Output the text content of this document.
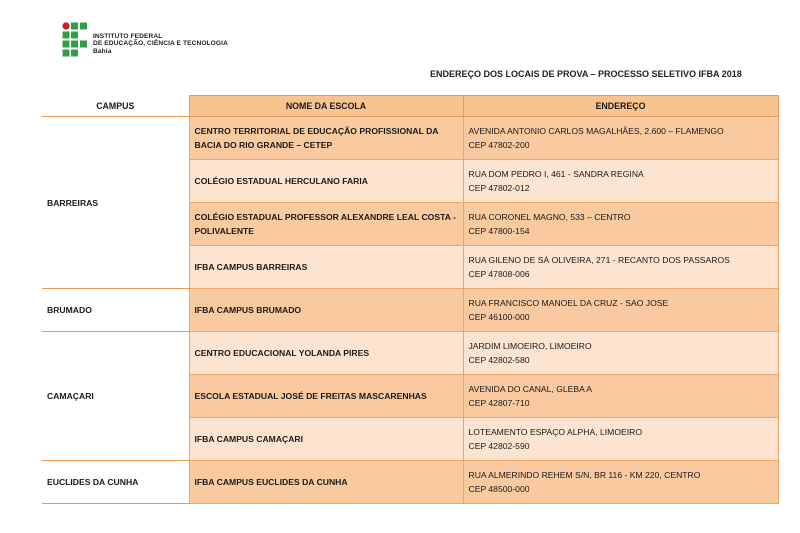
INSTITUTO FEDERAL
DE EDUCAÇÃO, CIÊNCIA E TECNOLOGIA
Bahia
ENDEREÇO DOS LOCAIS DE PROVA – PROCESSO SELETIVO IFBA 2018
CAMPUS	NOME DA ESCOLA	ENDEREÇO
BARREIRAS	CENTRO TERRITORIAL DE EDUCAÇÃO PROFISSIONAL DA BACIA DO RIO GRANDE – CETEP	AVENIDA ANTONIO CARLOS MAGALHÃES, 2.600 – FLAMENGO
CEP 47802-200

	COLÉGIO ESTADUAL HERCULANO FARIA	RUA DOM PEDRO I, 461 - SANDRA REGINA
CEP 47802-012

	COLÉGIO ESTADUAL PROFESSOR ALEXANDRE LEAL COSTA - POLIVALENTE	RUA CORONEL MAGNO, 533 – CENTRO
CEP 47800-154

	IFBA CAMPUS BARREIRAS	RUA GILENO DE SÁ OLIVEIRA, 271 - RECANTO DOS PASSAROS
CEP 47808-006

BRUMADO	IFBA CAMPUS BRUMADO	RUA FRANCISCO MANOEL DA CRUZ - SAO JOSE
CEP 46100-000

CAMAÇARI	CENTRO EDUCACIONAL YOLANDA PIRES	JARDIM LIMOEIRO, LIMOEIRO
CEP 42802-580

	ESCOLA ESTADUAL JOSÉ DE FREITAS MASCARENHAS	AVENIDA DO CANAL, GLEBA A
CEP 42807-710

	IFBA CAMPUS CAMAÇARI	LOTEAMENTO ESPAÇO ALPHA, LIMOEIRO
CEP 42802-590

EUCLIDES DA CUNHA	IFBA CAMPUS EUCLIDES DA CUNHA	RUA ALMERINDO REHEM S/N, BR 116 - KM 220, CENTRO
CEP 48500-000
